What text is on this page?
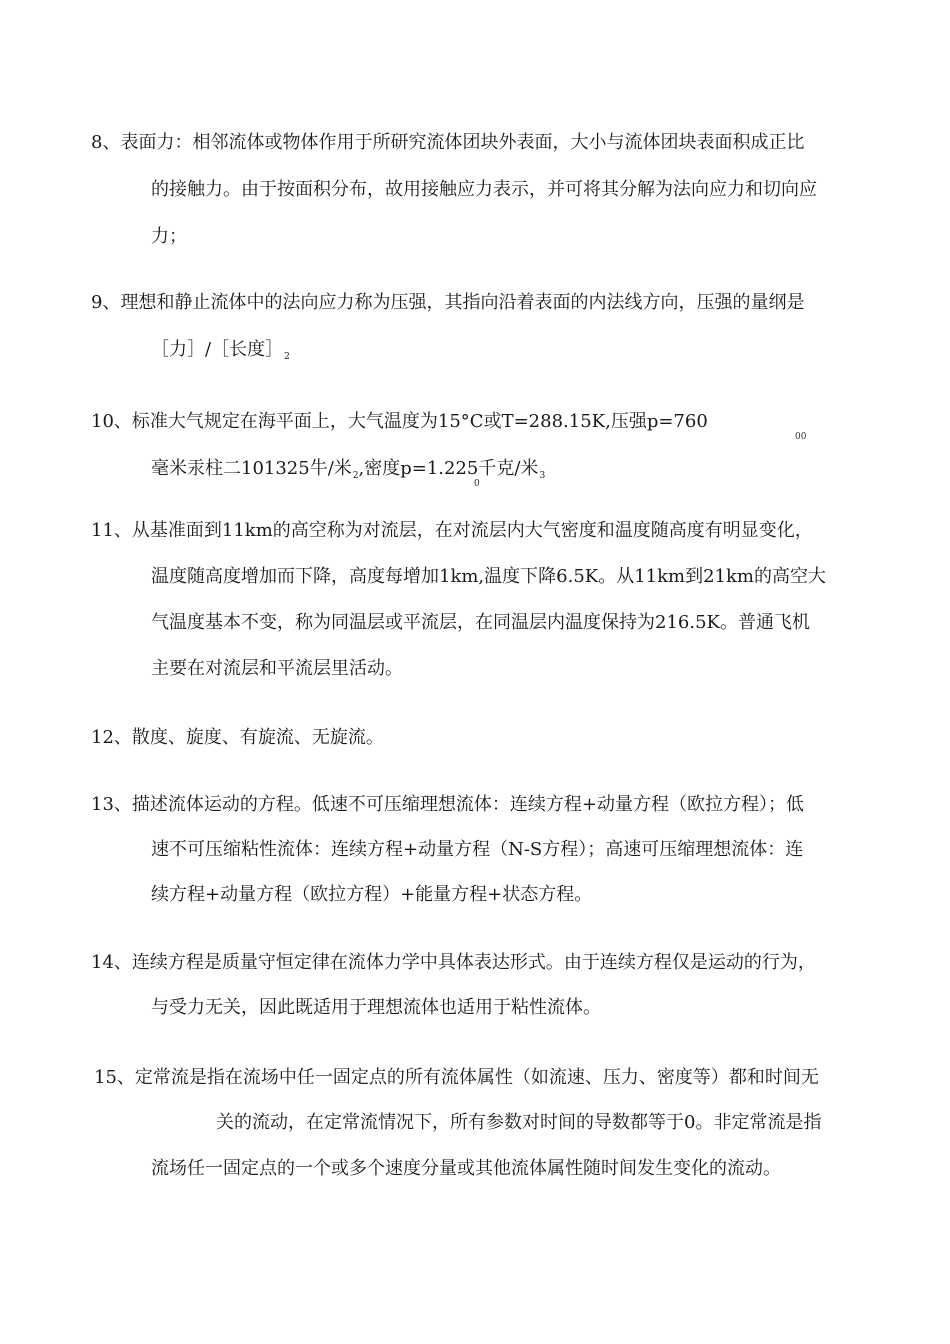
8、表面力：相邻流体或物体作用于所研究流体团块外表面，大小与流体团块表面积成正比
的接触力。由于按面积分布，故用接触应力表示，并可将其分解为法向应力和切向应
力；
9、理想和静止流体中的法向应力称为压强，其指向沿着表面的内法线方向，压强的量纲是
［力］/［长度$]_2$
10、标准大气规定在海平面上，大气温度为15°C或T=288.15K,压强p=760
00
毫米汞柱二101325牛/米$_2$,密度p=1.225千克/米$_3$
0
11、从基准面到11km的高空称为对流层，在对流层内大气密度和温度随高度有明显变化，
温度随高度增加而下降，高度每增加1km,温度下降6.5K。从11km到21km的高空大
气温度基本不变，称为同温层或平流层，在同温层内温度保持为216.5K。普通飞机
主要在对流层和平流层里活动。
12、散度、旋度、有旋流、无旋流。
13、描述流体运动的方程。低速不可压缩理想流体：连续方程+动量方程（欧拉方程）；低
速不可压缩粘性流体：连续方程+动量方程（N-S方程）；高速可压缩理想流体：连
续方程+动量方程（欧拉方程）+能量方程+状态方程。
14、连续方程是质量守恒定律在流体力学中具体表达形式。由于连续方程仅是运动的行为，
与受力无关，因此既适用于理想流体也适用于粘性流体。
15、定常流是指在流场中任一固定点的所有流体属性（如流速、压力、密度等）都和时间无
关的流动，在定常流情况下，所有参数对时间的导数都等于0。非定常流是指
流场任一固定点的一个或多个速度分量或其他流体属性随时间发生变化的流动。
